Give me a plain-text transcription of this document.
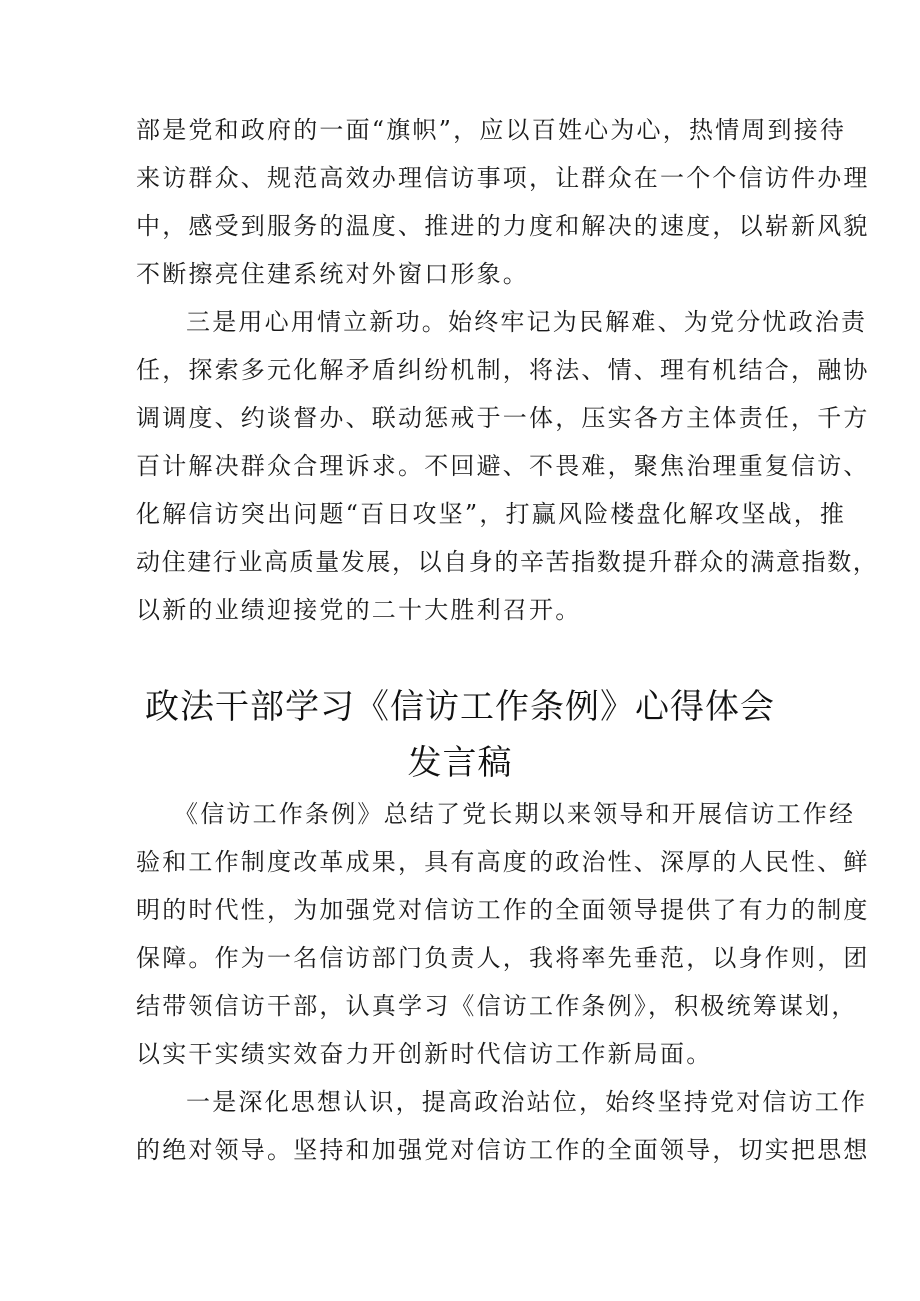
部是党和政府的一面“旗帜”，应以百姓心为心，热情周到接待
来访群众、规范高效办理信访事项，让群众在一个个信访件办理
中，感受到服务的温度、推进的力度和解决的速度，以崭新风貌
不断擦亮住建系统对外窗口形象。
三是用心用情立新功。始终牢记为民解难、为党分忧政治责
任，探索多元化解矛盾纠纷机制，将法、情、理有机结合，融协
调调度、约谈督办、联动惩戒于一体，压实各方主体责任，千方
百计解决群众合理诉求。不回避、不畏难，聚焦治理重复信访、
化解信访突出问题“百日攻坚”，打赢风险楼盘化解攻坚战，推
动住建行业高质量发展，以自身的辛苦指数提升群众的满意指数，
以新的业绩迎接党的二十大胜利召开。
政法干部学习《信访工作条例》心得体会
发言稿
《信访工作条例》总结了党长期以来领导和开展信访工作经
验和工作制度改革成果，具有高度的政治性、深厚的人民性、鲜
明的时代性，为加强党对信访工作的全面领导提供了有力的制度
保障。作为一名信访部门负责人，我将率先垂范，以身作则，团
结带领信访干部，认真学习《信访工作条例》，积极统筹谋划，
以实干实绩实效奋力开创新时代信访工作新局面。
一是深化思想认识，提高政治站位，始终坚持党对信访工作
的绝对领导。坚持和加强党对信访工作的全面领导，切实把思想
